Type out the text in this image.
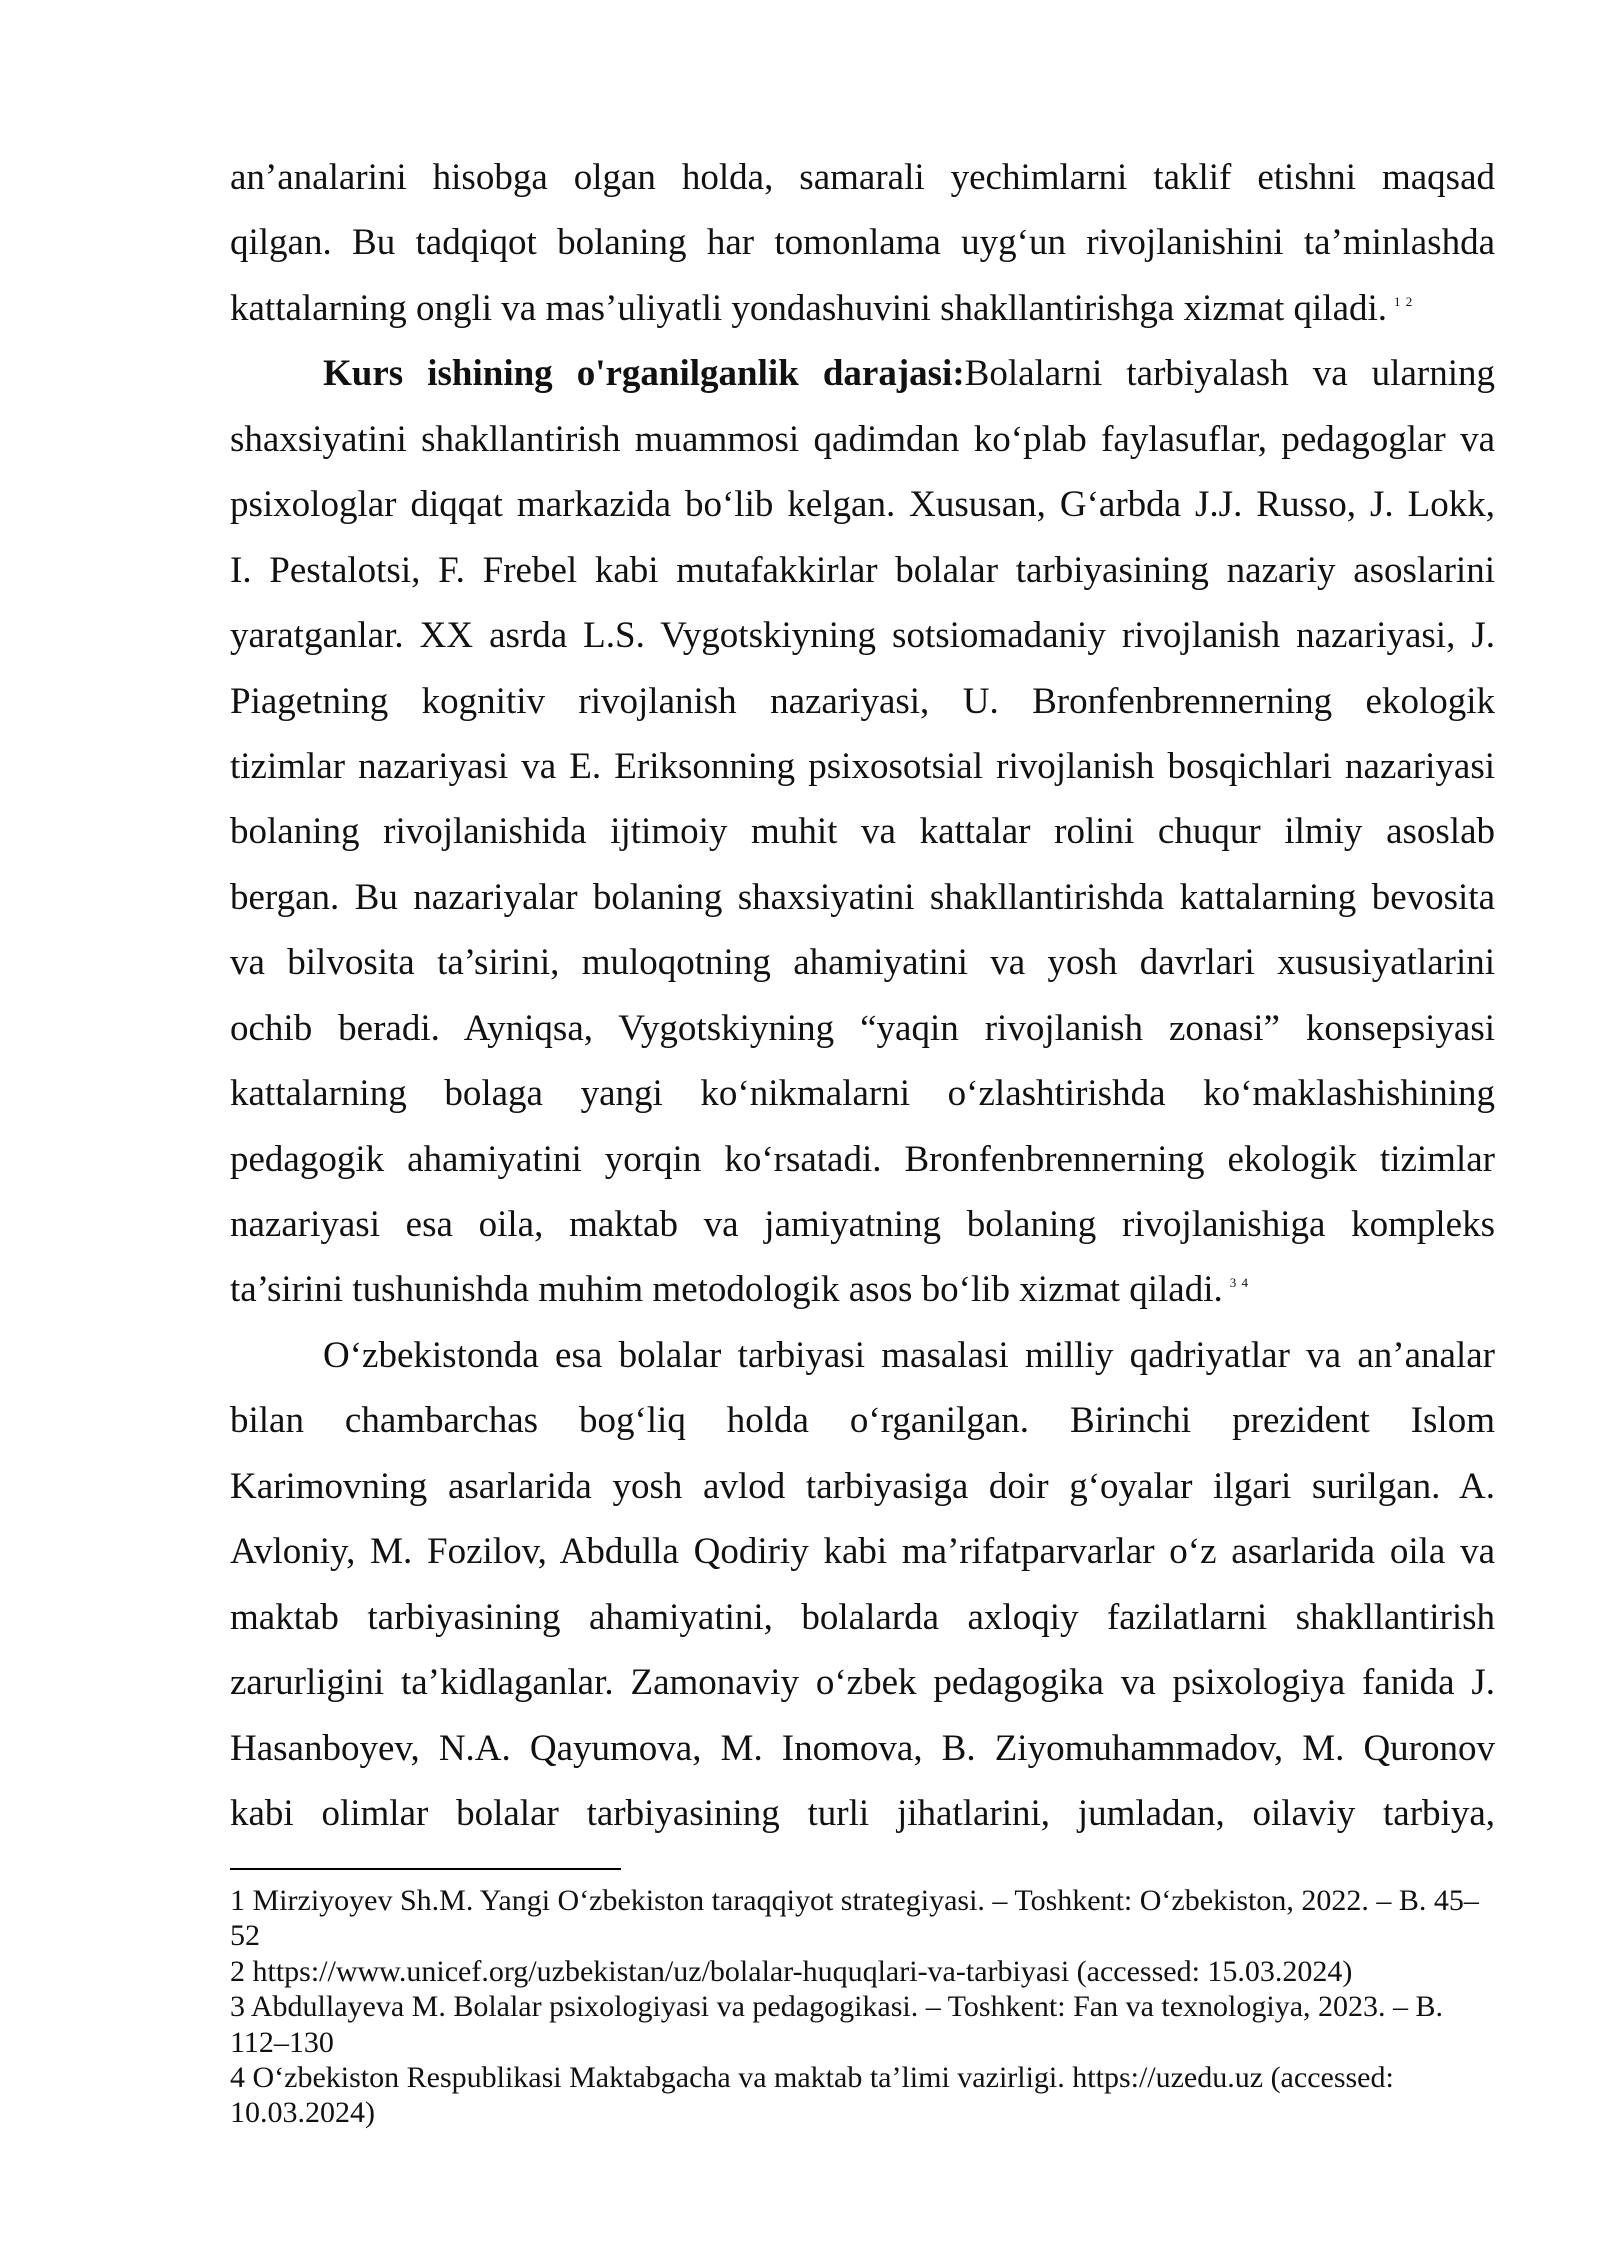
an’analarini hisobga olgan holda, samarali yechimlarni taklif etishni maqsad
qilgan. Bu tadqiqot bolaning har tomonlama uyg‘un rivojlanishini ta’minlashda
kattalarning ongli va mas’uliyatli yondashuvini shakllantirishga xizmat qiladi. $^{1 2}$
Kurs ishining o'rganilganlik darajasi:Bolalarni tarbiyalash va ularning
shaxsiyatini shakllantirish muammosi qadimdan ko‘plab faylasuflar, pedagoglar va
psixologlar diqqat markazida bo‘lib kelgan. Xususan, G‘arbda J.J. Russo, J. Lokk,
I. Pestalotsi, F. Frebel kabi mutafakkirlar bolalar tarbiyasining nazariy asoslarini
yaratganlar. XX asrda L.S. Vygotskiyning sotsiomadaniy rivojlanish nazariyasi, J.
Piagetning kognitiv rivojlanish nazariyasi, U. Bronfenbrennerning ekologik
tizimlar nazariyasi va E. Eriksonning psixosotsial rivojlanish bosqichlari nazariyasi
bolaning rivojlanishida ijtimoiy muhit va kattalar rolini chuqur ilmiy asoslab
bergan. Bu nazariyalar bolaning shaxsiyatini shakllantirishda kattalarning bevosita
va bilvosita ta’sirini, muloqotning ahamiyatini va yosh davrlari xususiyatlarini
ochib beradi. Ayniqsa, Vygotskiyning “yaqin rivojlanish zonasi” konsepsiyasi
kattalarning bolaga yangi ko‘nikmalarni o‘zlashtirishda ko‘maklashishining
pedagogik ahamiyatini yorqin ko‘rsatadi. Bronfenbrennerning ekologik tizimlar
nazariyasi esa oila, maktab va jamiyatning bolaning rivojlanishiga kompleks
ta’sirini tushunishda muhim metodologik asos bo‘lib xizmat qiladi. $^{3 4}$
O‘zbekistonda esa bolalar tarbiyasi masalasi milliy qadriyatlar va an’analar
bilan chambarchas bog‘liq holda o‘rganilgan. Birinchi prezident Islom
Karimovning asarlarida yosh avlod tarbiyasiga doir g‘oyalar ilgari surilgan. A.
Avloniy, M. Fozilov, Abdulla Qodiriy kabi ma’rifatparvarlar o‘z asarlarida oila va
maktab tarbiyasining ahamiyatini, bolalarda axloqiy fazilatlarni shakllantirish
zarurligini ta’kidlaganlar. Zamonaviy o‘zbek pedagogika va psixologiya fanida J.
Hasanboyev, N.A. Qayumova, M. Inomova, B. Ziyomuhammadov, M. Quronov
kabi olimlar bolalar tarbiyasining turli jihatlarini, jumladan, oilaviy tarbiya,
1 Mirziyoyev Sh.M. Yangi O‘zbekiston taraqqiyot strategiyasi. – Toshkent: O‘zbekiston, 2022. – B. 45–
52
2 https://www.unicef.org/uzbekistan/uz/bolalar-huquqlari-va-tarbiyasi (accessed: 15.03.2024)
3 Abdullayeva M. Bolalar psixologiyasi va pedagogikasi. – Toshkent: Fan va texnologiya, 2023. – B.
112–130
4 O‘zbekiston Respublikasi Maktabgacha va maktab ta’limi vazirligi. https://uzedu.uz (accessed:
10.03.2024)
